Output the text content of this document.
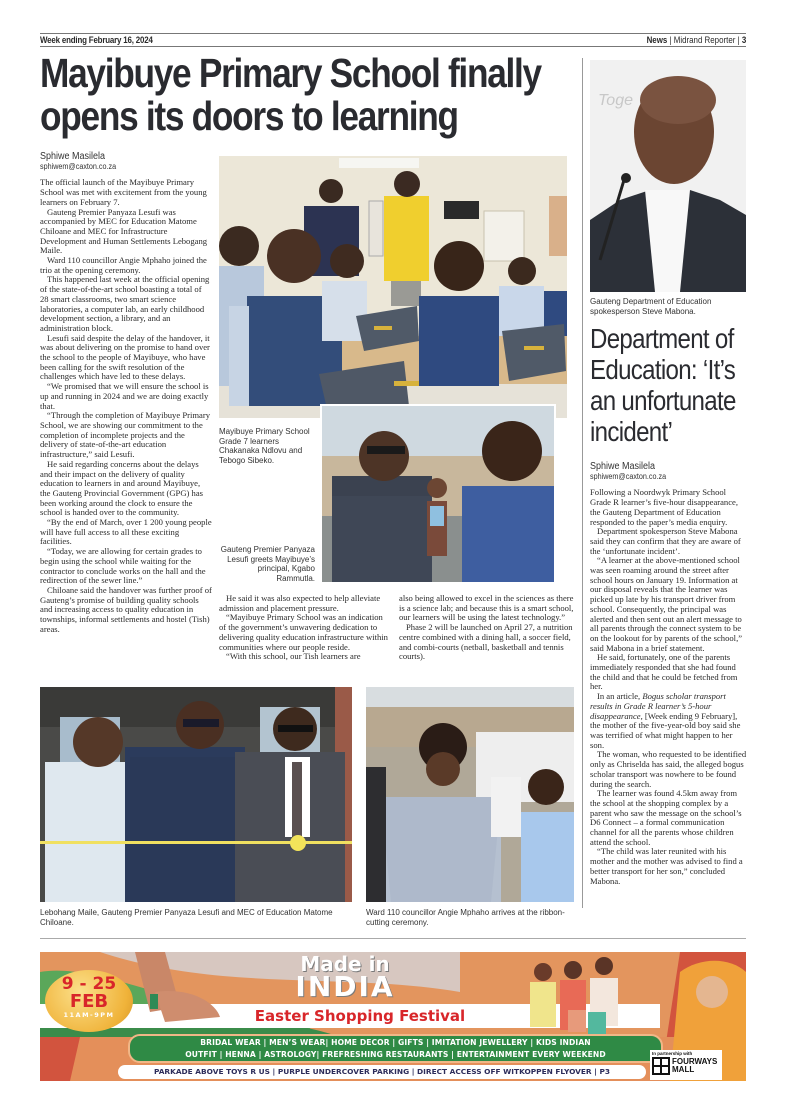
Week ending February 16, 2024	News | Midrand Reporter | 3
Mayibuye Primary School finally
opens its doors to learning
Sphiwe Masilela
sphiwem@caxton.co.za

The official launch of the Mayibuye Primary School was met with excitement from the young learners on February 7.

Gauteng Premier Panyaza Lesufi was accompanied by MEC for Education Matome Chiloane and MEC for Infrastructure Development and Human Settlements Lebogang Maile.

Ward 110 councillor Angie Mphaho joined the trio at the opening ceremony.

This happened last week at the official opening of the state-of-the-art school boasting a total of 28 smart classrooms, two smart science laboratories, a computer lab, an early childhood development section, a library, and an administration block.

Lesufi said despite the delay of the handover, it was about delivering on the promise to hand over the school to the people of Mayibuye, who have been calling for the swift resolution of the challenges which have led to these delays.

“We promised that we will ensure the school is up and running in 2024 and we are doing exactly that.

“Through the completion of Mayibuye Primary School, we are showing our commitment to the completion of incomplete projects and the delivery of state-of-the-art education infrastructure,” said Lesufi.

He said regarding concerns about the delays and their impact on the delivery of quality education to learners in and around Mayibuye, the Gauteng Provincial Government (GPG) has been working around the clock to ensure the school is handed over to the community.

“By the end of March, over 1 200 young people will have full access to all these exciting facilities.

“Today, we are allowing for certain grades to begin using the school while waiting for the contractor to conclude works on the hall and the redirection of the sewer line.”

Chiloane said the handover was further proof of Gauteng’s promise of building quality schools and increasing access to quality education in townships, informal settlements and hostel (Tish) areas.

Mayibuye Primary School Grade 7 learners Chakanaka Ndlovu and Tebogo Sibeko.
Gauteng Premier Panyaza Lesufi greets Mayibuye’s principal, Kgabo Rammutla.

He said it was also expected to help alleviate admission and placement pressure.

“Mayibuye Primary School was an indication of the government’s unwavering dedication to delivering quality education infrastructure within communities where our people reside.

“With this school, our Tish learners are

also being allowed to excel in the sciences as there is a science lab; and because this is a smart school, our learners will be using the latest technology.”

Phase 2 will be launched on April 27, a nutrition centre combined with a dining hall, a soccer field, and combi-courts (netball, basketball and tennis courts).

Lebohang Maile, Gauteng Premier Panyaza Lesufi and MEC of Education Matome Chiloane.
Ward 110 councillor Angie Mphaho arrives at the ribbon-cutting ceremony.
Toge
Gauteng Department of Education spokesperson Steve Mabona.
Department of Education: ‘It’s an unfortunate incident’
Sphiwe Masilela
sphiwem@caxton.co.za

Following a Noordwyk Primary School Grade R learner’s five-hour disappearance, the Gauteng Department of Education responded to the paper’s media enquiry.

Department spokesperson Steve Mabona said they can confirm that they are aware of the ‘unfortunate incident’.

“A learner at the above-mentioned school was seen roaming around the street after school hours on January 19. Information at our disposal reveals that the learner was picked up late by his transport driver from school. Consequently, the principal was alerted and then sent out an alert message to all parents through the connect system to be on the lookout for by parents of the school,” said Mabona in a brief statement.

He said, fortunately, one of the parents immediately responded that she had found the child and that he could be fetched from her.

In an article, Bogus scholar transport results in Grade R learner’s 5-hour disappearance, [Week ending 9 February], the mother of the five-year-old boy said she was terrified of what might happen to her son.

The woman, who requested to be identified only as Chriselda has said, the alleged bogus scholar transport was nowhere to be found during the search.

The learner was found 4.5km away from the school at the shopping complex by a parent who saw the message on the school’s D6 Connect – a formal communication channel for all the parents whose children attend the school.

“The child was later reunited with his mother and the mother was advised to find a better transport for her son,” concluded Mabona.

9 - 25
FEB
11AM-9PM
Made in
INDIA
Easter Shopping Festival
BRIDAL WEAR | MEN’S WEAR| HOME DECOR | GIFTS | IMITATION JEWELLERY | KIDS INDIAN
OUTFIT | HENNA | ASTROLOGY| FREFRESHING RESTAURANTS | ENTERTAINMENT EVERY WEEKEND
PARKADE ABOVE TOYS R US | PURPLE UNDERCOVER PARKING | DIRECT ACCESS OFF WITKOPPEN FLYOVER | P3
In partnership with
FOURWAYS
MALL
